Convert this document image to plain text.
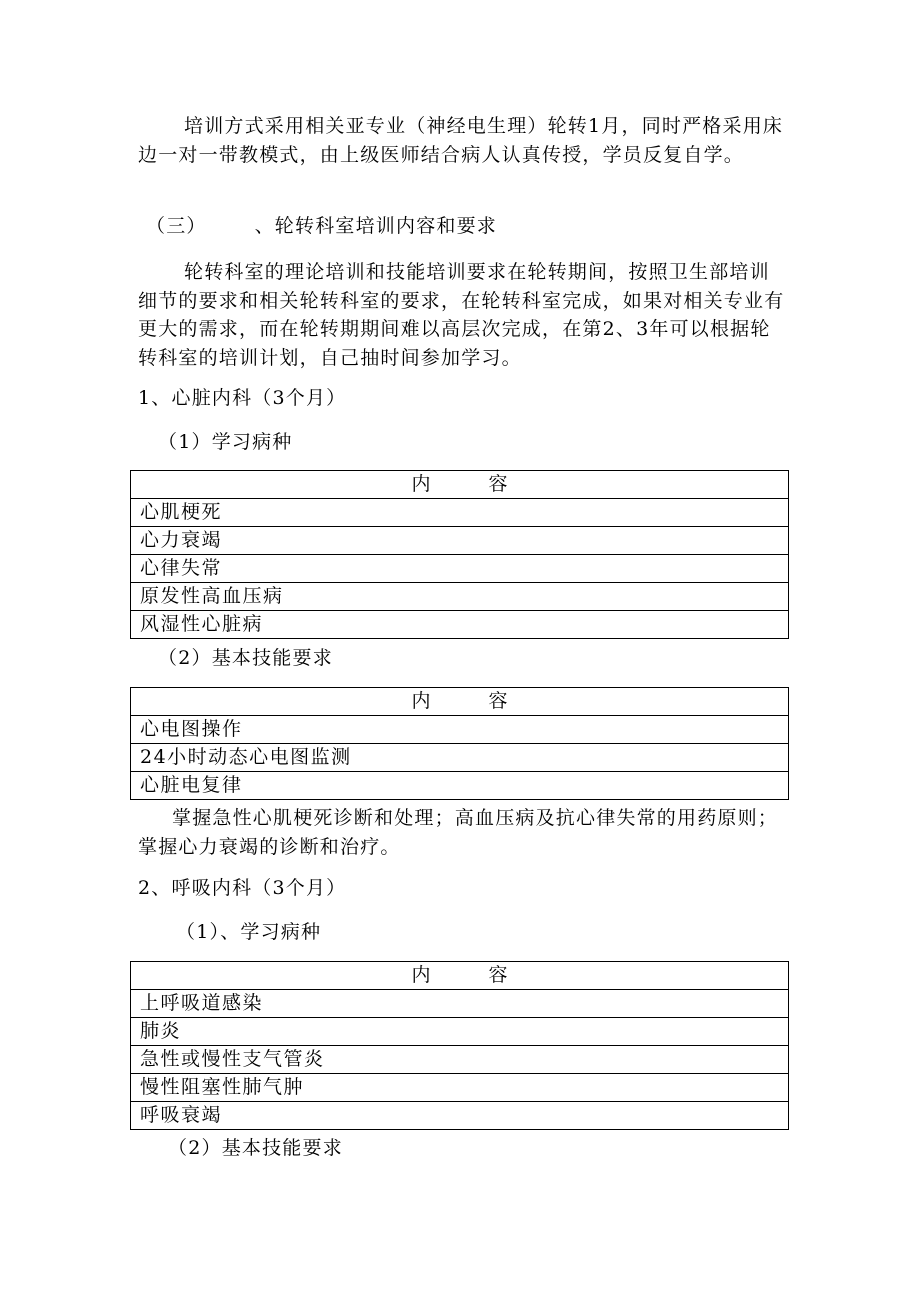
培训方式采用相关亚专业（神经电生理）轮转1月，同时严格采用床边一对一带教模式，由上级医师结合病人认真传授，学员反复自学。

（三）	、轮转科室培训内容和要求

轮转科室的理论培训和技能培训要求在轮转期间，按照卫生部培训细节的要求和相关轮转科室的要求，在轮转科室完成，如果对相关专业有更大的需求，而在轮转期期间难以高层次完成，在第2、3年可以根据轮转科室的培训计划，自己抽时间参加学习。

1、心脏内科（3个月）
（1）学习病种
内	容
心肌梗死
心力衰竭
心律失常
原发性高血压病
风湿性心脏病
（2）基本技能要求
内	容
心电图操作
24小时动态心电图监测
心脏电复律

掌握急性心肌梗死诊断和处理；高血压病及抗心律失常的用药原则；掌握心力衰竭的诊断和治疗。

2、呼吸内科（3个月）
（1）、学习病种
内	容
上呼吸道感染
肺炎
急性或慢性支气管炎
慢性阻塞性肺气肿
呼吸衰竭
（2）基本技能要求
